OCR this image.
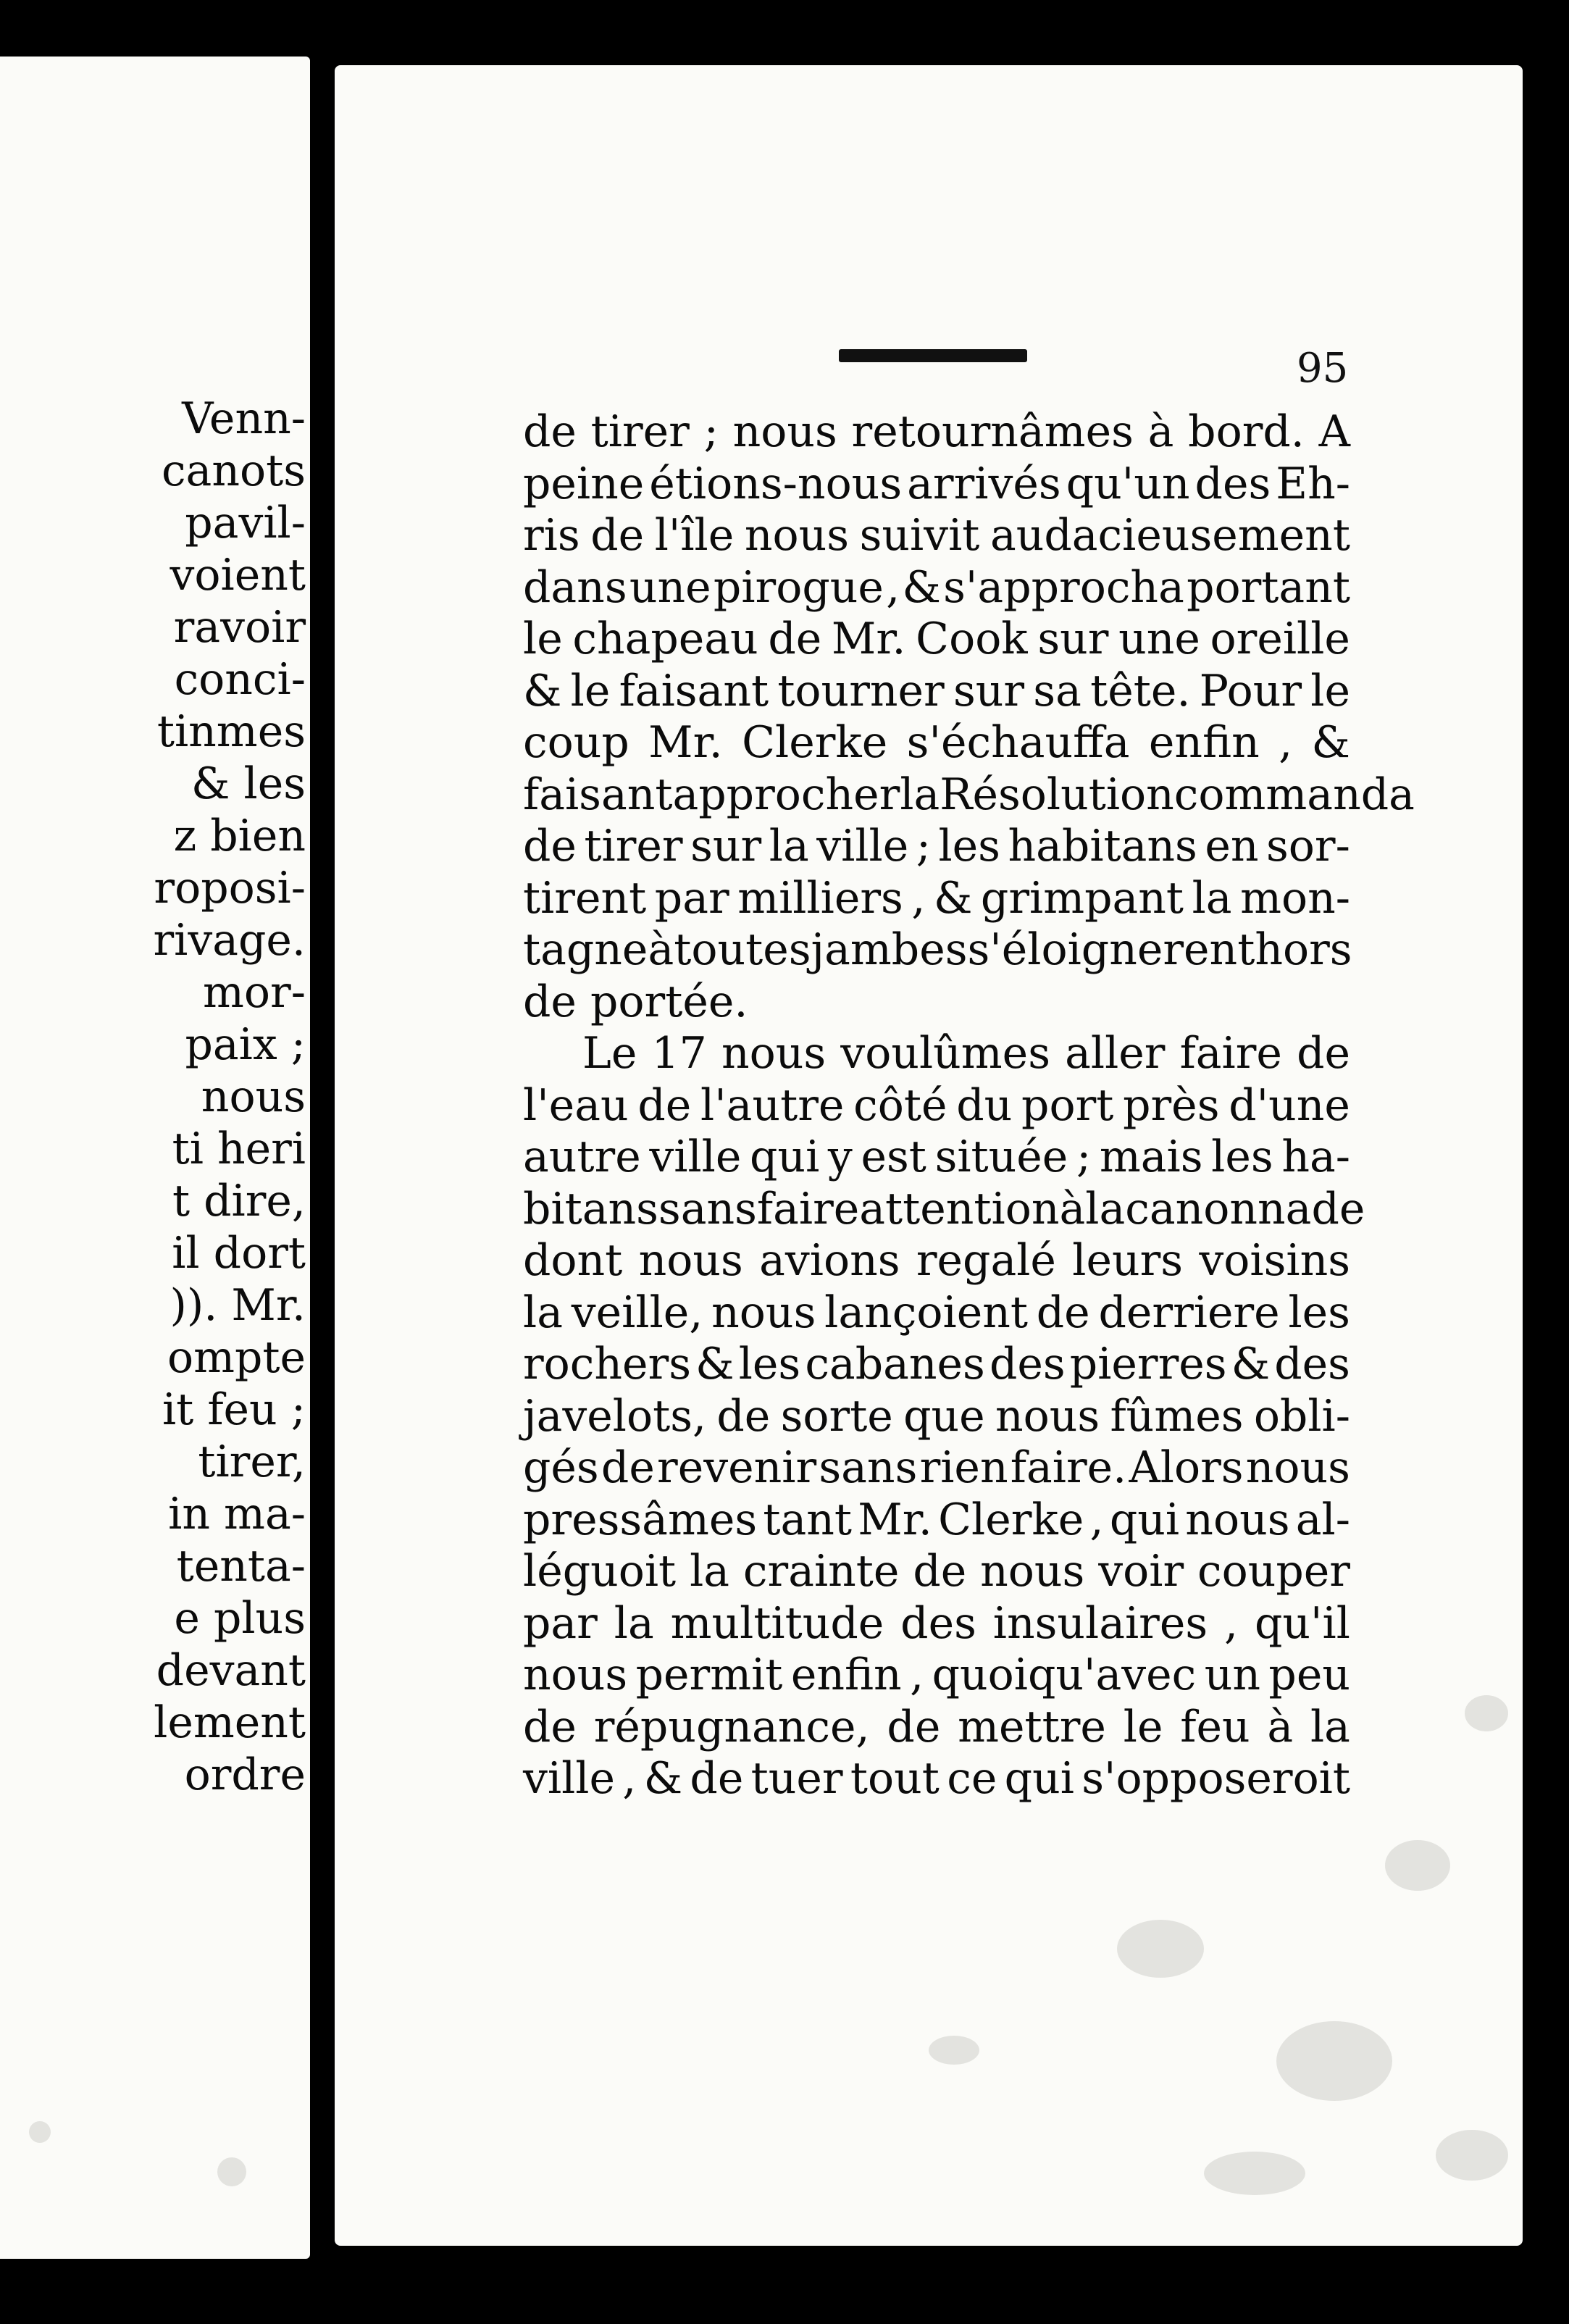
95
Venn-
canots
pavil-
voient
ravoir
conci-
tinmes
& les
z bien
roposi-
rivage.
mor-
paix ;
nous
ti heri
t dire,
il dort
)). Mr.
ompte
it feu ;
tirer,
in ma-
tenta-
e plus
devant
lement
ordre
de tirer ; nous retournâmes à bord. A
peine étions-nous arrivés qu'un des Eh-
ris de l'île nous suivit audacieusement
dans une pirogue , & s'approcha portant
le chapeau de Mr. Cook sur une oreille
& le faisant tourner sur sa tête. Pour le
coup Mr. Clerke s'échauffa enfin , &
faisant approcher la Résolution commanda
de tirer sur la ville ; les habitans en sor-
tirent par milliers , & grimpant la mon-
tagne à toutes jambes s'éloignerent hors
de portée.
Le 17 nous voulûmes aller faire de
l'eau de l'autre côté du port près d'une
autre ville qui y est située ; mais les ha-
bitans sans faire attention à la canonnade
dont nous avions regalé leurs voisins
la veille, nous lançoient de derriere les
rochers & les cabanes des pierres & des
javelots, de sorte que nous fûmes obli-
gés de revenir sans rien faire. Alors nous
pressâmes tant Mr. Clerke , qui nous al-
léguoit la crainte de nous voir couper
par la multitude des insulaires , qu'il
nous permit enfin , quoiqu'avec un peu
de répugnance, de mettre le feu à la
ville , & de tuer tout ce qui s'opposeroit
